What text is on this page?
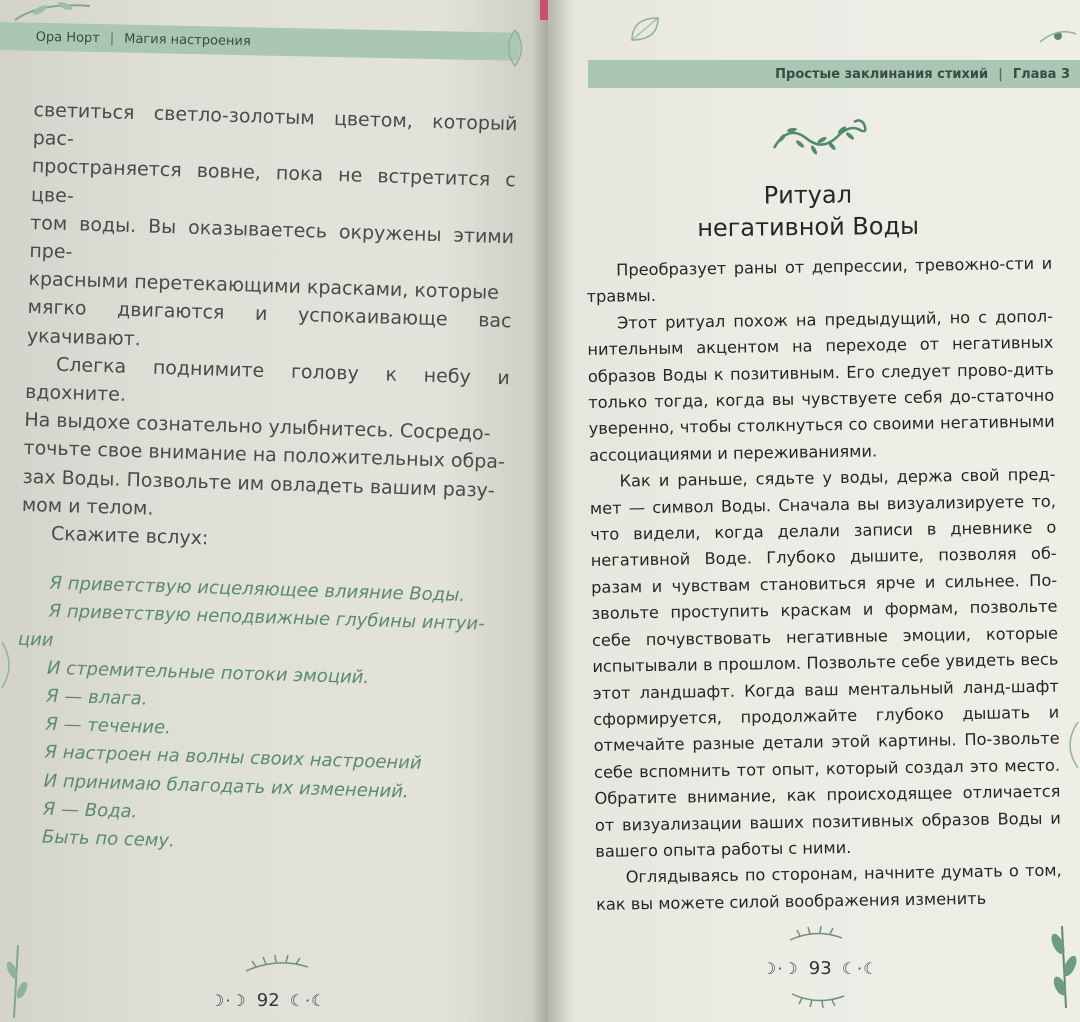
Ора Норт | Магия настроения

светиться светло-золотым цветом, который рас-

пространяется вовне, пока не встретится с цве-

том воды. Вы оказываетесь окружены этими пре-

красными перетекающими красками, которые

мягко двигаются и успокаивающе вас укачивают.

Слегка поднимите голову к небу и вдохните.

На выдохе сознательно улыбнитесь. Сосредо-

точьте свое внимание на положительных обра-

зах Воды. Позвольте им овладеть вашим разу-

мом и телом.

Скажите вслух:

Я приветствую исцеляющее влияние Воды.

Я приветствую неподвижные глубины интуи-

ции

И стремительные потоки эмоций.

Я — влага.

Я — течение.

Я настроен на волны своих настроений

И принимаю благодать их изменений.

Я — Вода.

Быть по сему.

☽·☽ 92 ☾·☾
Простые заклинания стихий | Глава 3
Ритуал
негативной Воды

Преобразует раны от депрессии, тревожно-сти и травмы.

Этот ритуал похож на предыдущий, но с допол-нительным акцентом на переходе от негативных образов Воды к позитивным. Его следует прово-дить только тогда, когда вы чувствуете себя до-статочно уверенно, чтобы столкнуться со своими негативными ассоциациями и переживаниями.

Как и раньше, сядьте у воды, держа свой пред-мет — символ Воды. Сначала вы визуализируете то, что видели, когда делали записи в дневнике о негативной Воде. Глубоко дышите, позволяя об-разам и чувствам становиться ярче и сильнее. По-звольте проступить краскам и формам, позвольте себе почувствовать негативные эмоции, которые испытывали в прошлом. Позвольте себе увидеть весь этот ландшафт. Когда ваш ментальный ланд-шафт сформируется, продолжайте глубоко дышать и отмечайте разные детали этой картины. По-звольте себе вспомнить тот опыт, который создал это место. Обратите внимание, как происходящее отличается от визуализации ваших позитивных образов Воды и вашего опыта работы с ними.

Оглядываясь по сторонам, начните думать о том, как вы можете силой воображения изменить

☽·☽ 93 ☾·☾
